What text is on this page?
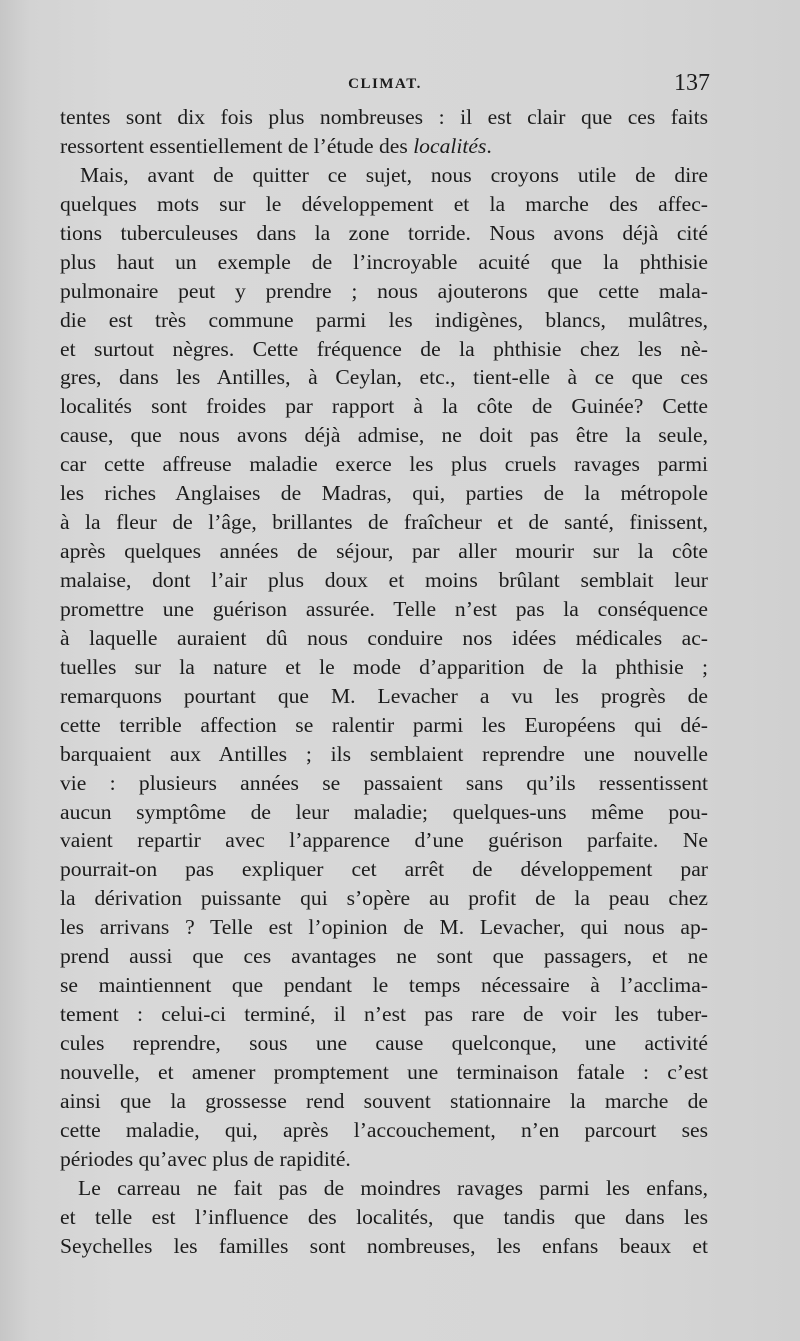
CLIMAT.	137
tentes sont dix fois plus nombreuses : il est clair que ces faits
ressortent essentiellement de l’étude des localités.
Mais, avant de quitter ce sujet, nous croyons utile de dire
quelques mots sur le développement et la marche des affec-
tions tuberculeuses dans la zone torride. Nous avons déjà cité
plus haut un exemple de l’incroyable acuité que la phthisie
pulmonaire peut y prendre ; nous ajouterons que cette mala-
die est très commune parmi les indigènes, blancs, mulâtres,
et surtout nègres. Cette fréquence de la phthisie chez les nè-
gres, dans les Antilles, à Ceylan, etc., tient-elle à ce que ces
localités sont froides par rapport à la côte de Guinée? Cette
cause, que nous avons déjà admise, ne doit pas être la seule,
car cette affreuse maladie exerce les plus cruels ravages parmi
les riches Anglaises de Madras, qui, parties de la métropole
à la fleur de l’âge, brillantes de fraîcheur et de santé, finissent,
après quelques années de séjour, par aller mourir sur la côte
malaise, dont l’air plus doux et moins brûlant semblait leur
promettre une guérison assurée. Telle n’est pas la conséquence
à laquelle auraient dû nous conduire nos idées médicales ac-
tuelles sur la nature et le mode d’apparition de la phthisie ;
remarquons pourtant que M. Levacher a vu les progrès de
cette terrible affection se ralentir parmi les Européens qui dé-
barquaient aux Antilles ; ils semblaient reprendre une nouvelle
vie : plusieurs années se passaient sans qu’ils ressentissent
aucun symptôme de leur maladie; quelques-uns même pou-
vaient repartir avec l’apparence d’une guérison parfaite. Ne
pourrait-on pas expliquer cet arrêt de développement par
la dérivation puissante qui s’opère au profit de la peau chez
les arrivans ? Telle est l’opinion de M. Levacher, qui nous ap-
prend aussi que ces avantages ne sont que passagers, et ne
se maintiennent que pendant le temps nécessaire à l’acclima-
tement : celui-ci terminé, il n’est pas rare de voir les tuber-
cules reprendre, sous une cause quelconque, une activité
nouvelle, et amener promptement une terminaison fatale : c’est
ainsi que la grossesse rend souvent stationnaire la marche de
cette maladie, qui, après l’accouchement, n’en parcourt ses
périodes qu’avec plus de rapidité.
Le carreau ne fait pas de moindres ravages parmi les enfans,
et telle est l’influence des localités, que tandis que dans les
Seychelles les familles sont nombreuses, les enfans beaux et
